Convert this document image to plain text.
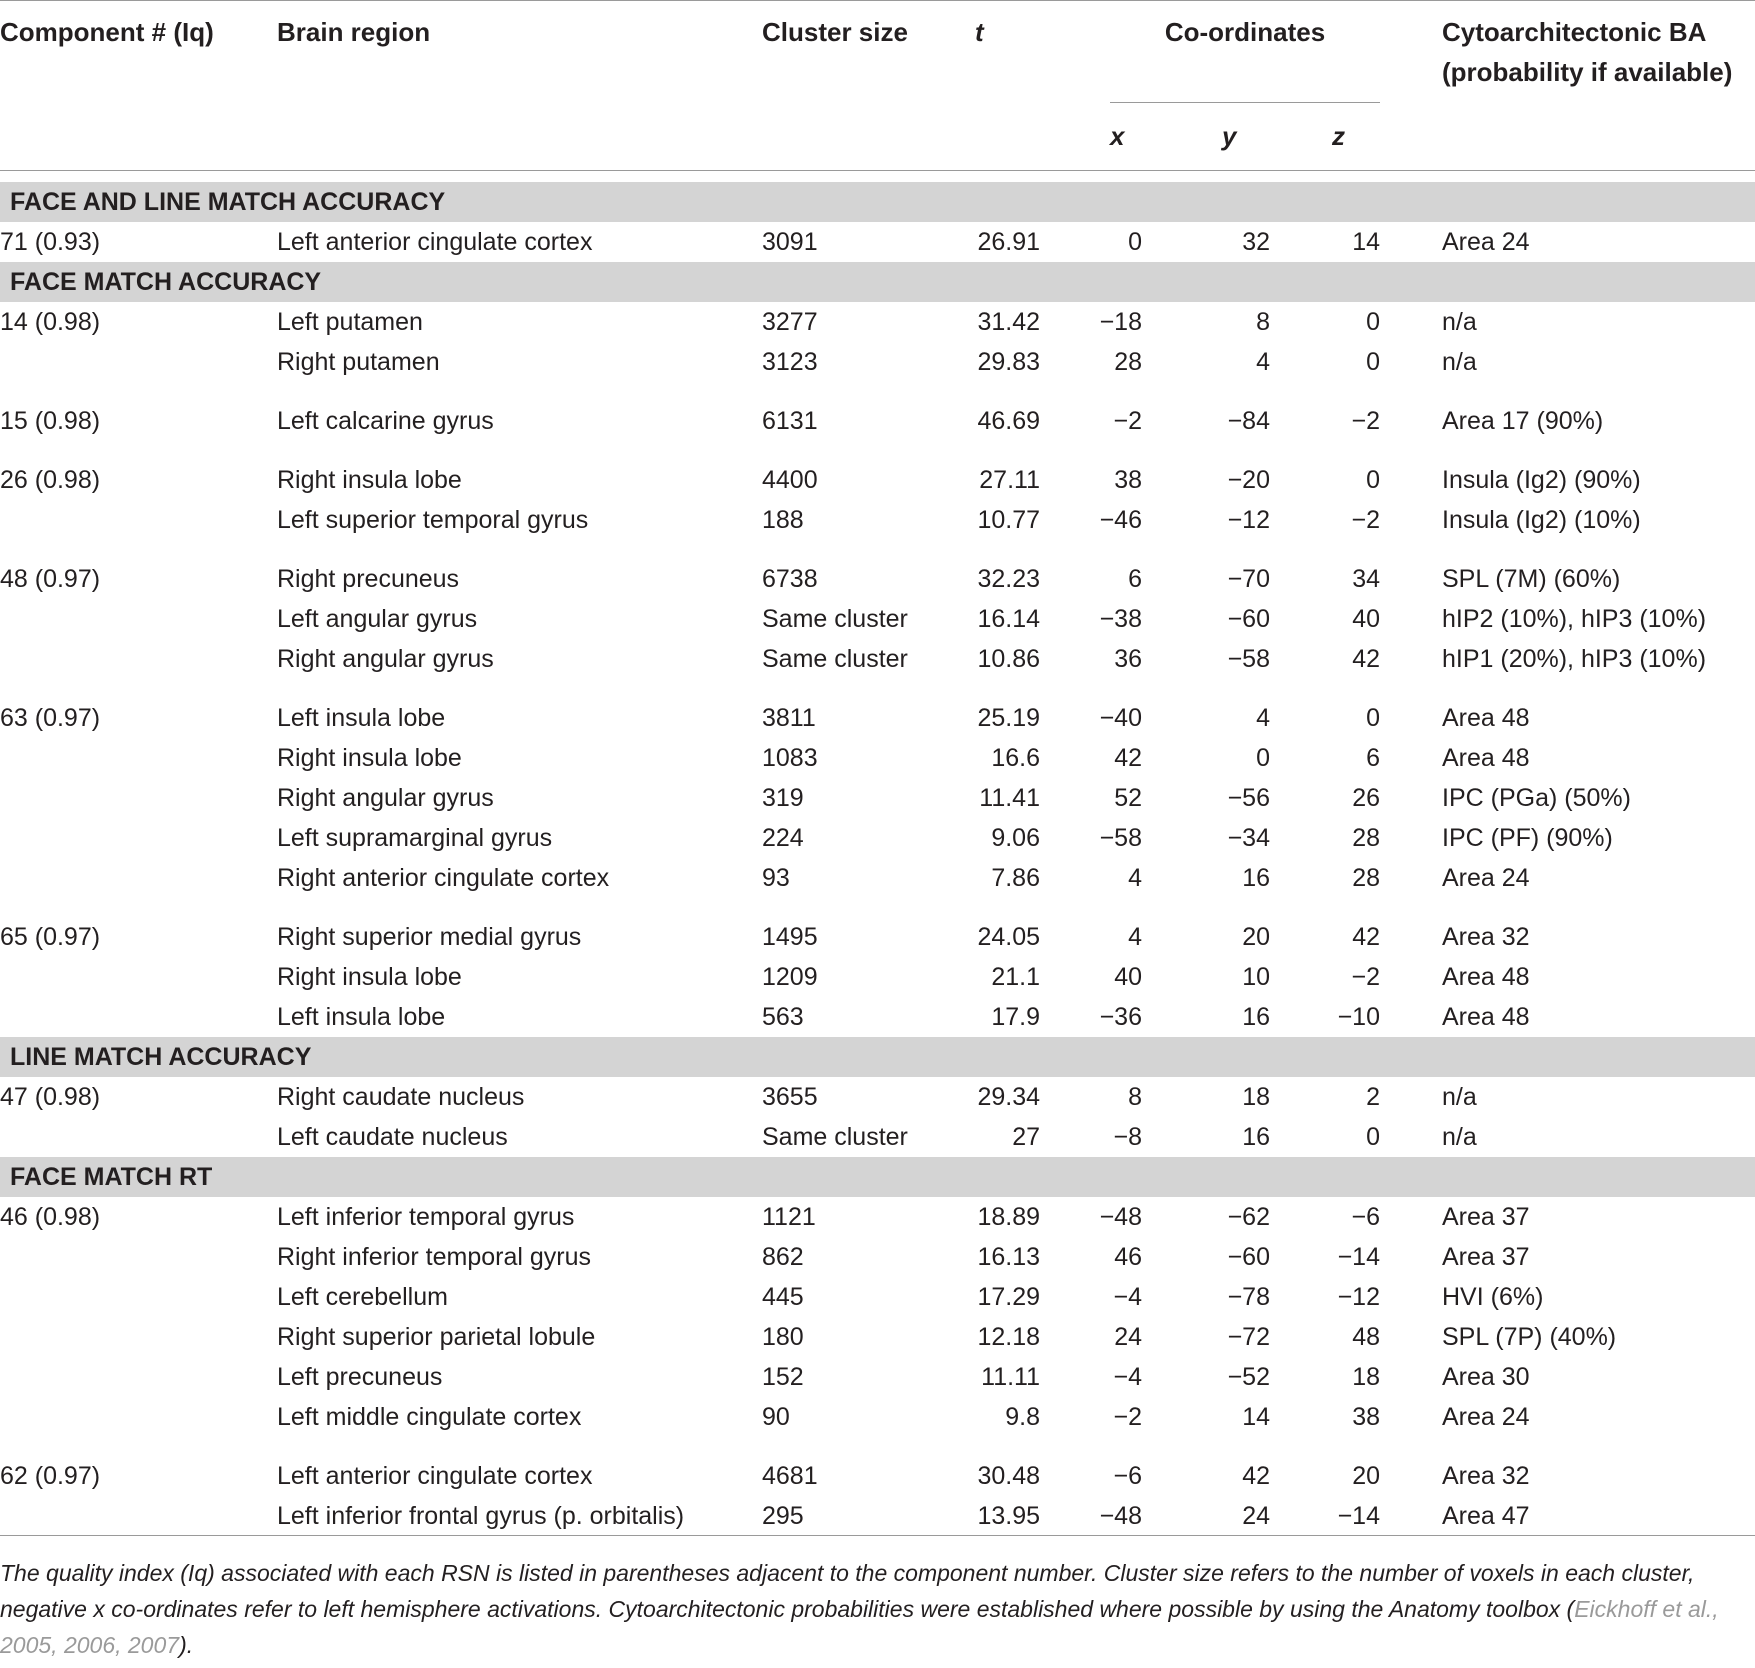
Component # (Iq) Brain region	Cluster size	t	Co-ordinates	Cytoarchitectonic BA
(probability if available)
x	y	z
FACE AND LINE MATCH ACCURACY
71 (0.93)	Left anterior cingulate cortex	3091	26.91	0	32	14 Area 24
FACE MATCH ACCURACY
14 (0.98)	Left putamen	3277	31.42	−18	8	0 n/a
Right putamen	3123	29.83	28	4	0 n/a
15 (0.98)	Left calcarine gyrus	6131	46.69	−2	−84	−2 Area 17 (90%)
26 (0.98)	Right insula lobe	4400	27.11	38	−20	0 Insula (Ig2) (90%)
Left superior temporal gyrus	188	10.77	−46	−12	−2 Insula (Ig2) (10%)
48 (0.97)	Right precuneus	6738	32.23	6	−70	34 SPL (7M) (60%)
Left angular gyrus	Same cluster	16.14	−38	−60	40 hIP2 (10%), hIP3 (10%)
Right angular gyrus	Same cluster	10.86	36	−58	42 hIP1 (20%), hIP3 (10%)
63 (0.97)	Left insula lobe	3811	25.19	−40	4	0 Area 48
Right insula lobe	1083	16.6	42	0	6 Area 48
Right angular gyrus	319	11.41	52	−56	26 IPC (PGa) (50%)
Left supramarginal gyrus	224	9.06	−58	−34	28 IPC (PF) (90%)
Right anterior cingulate cortex	93	7.86	4	16	28 Area 24
65 (0.97)	Right superior medial gyrus	1495	24.05	4	20	42 Area 32
Right insula lobe	1209	21.1	40	10	−2 Area 48
Left insula lobe	563	17.9	−36	16	−10 Area 48
LINE MATCH ACCURACY
47 (0.98)	Right caudate nucleus	3655	29.34	8	18	2 n/a
Left caudate nucleus	Same cluster	27	−8	16	0 n/a
FACE MATCH RT
46 (0.98)	Left inferior temporal gyrus	1121	18.89	−48	−62	−6 Area 37
Right inferior temporal gyrus	862	16.13	46	−60	−14 Area 37
Left cerebellum	445	17.29	−4	−78	−12 HVI (6%)
Right superior parietal lobule	180	12.18	24	−72	48 SPL (7P) (40%)
Left precuneus	152	11.11	−4	−52	18 Area 30
Left middle cingulate cortex	90	9.8	−2	14	38 Area 24
62 (0.97)	Left anterior cingulate cortex	4681	30.48	−6	42	20 Area 32
Left inferior frontal gyrus (p. orbitalis)	295	13.95	−48	24	−14 Area 47
The quality index (Iq) associated with each RSN is listed in parentheses adjacent to the component number. Cluster size refers to the number of voxels in each cluster, negative x co-ordinates refer to left hemisphere activations. Cytoarchitectonic probabilities were established where possible by using the Anatomy toolbox (Eickhoff et al., 2005, 2006, 2007).
